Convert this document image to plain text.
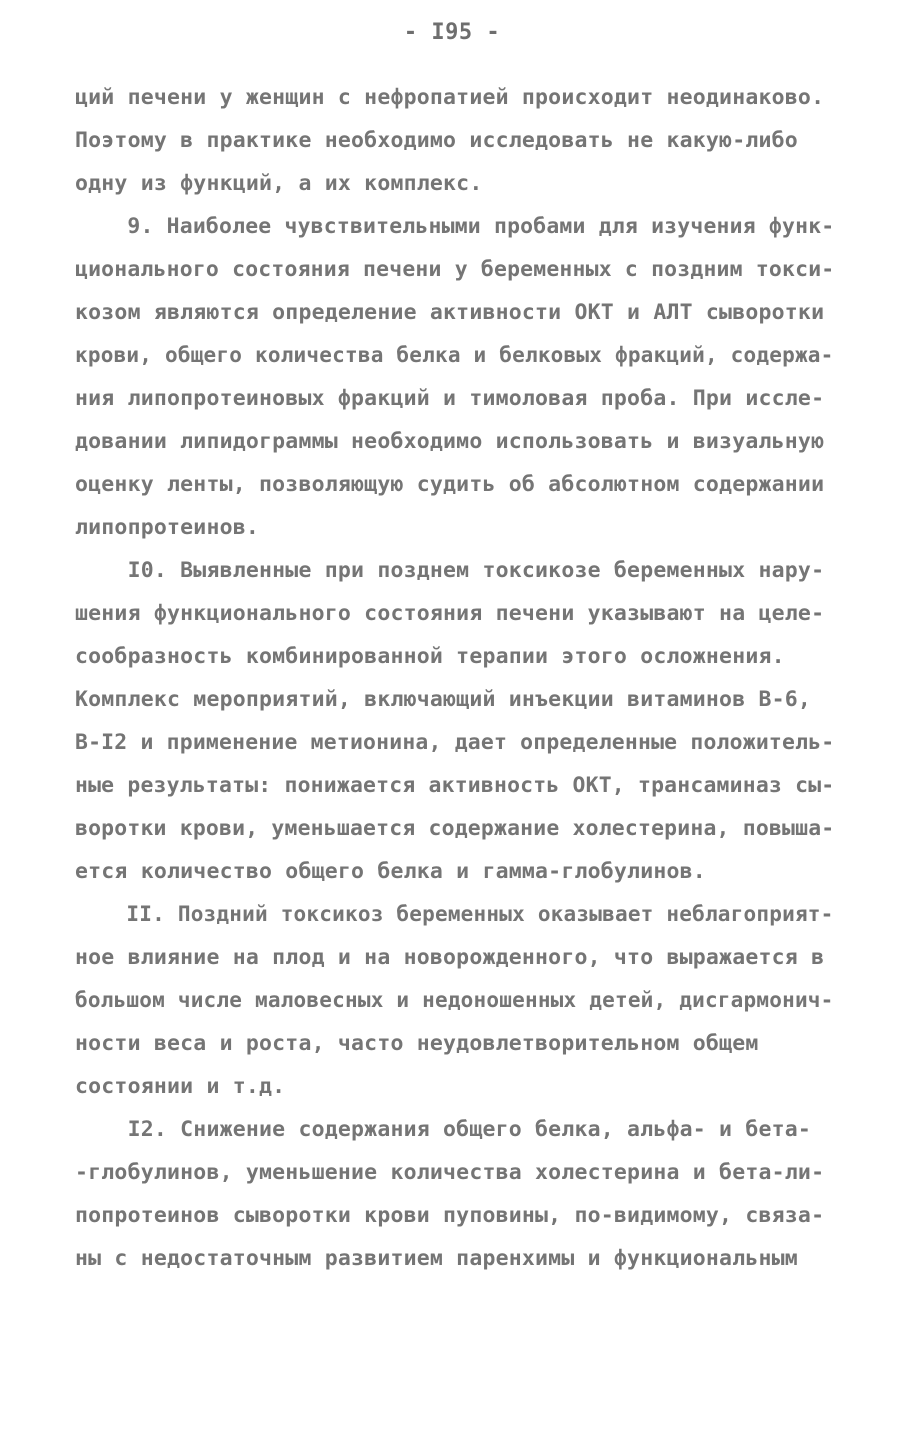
- I95 -
ций печени у женщин с нефропатией происходит неодинаково.
Поэтому в практике необходимо исследовать не какую-либо
одну из функций, а их комплекс.
9. Наиболее чувствительными пробами для изучения функ-
ционального состояния печени у беременных с поздним токси-
козом являются определение активности ОКТ и АЛТ сыворотки
крови, общего количества белка и белковых фракций, содержа-
ния липопротеиновых фракций и тимоловая проба. При иссле-
довании липидограммы необходимо использовать и визуальную
оценку ленты, позволяющую судить об абсолютном содержании
липопротеинов.
I0. Выявленные при позднем токсикозе беременных нару-
шения функционального состояния печени указывают на целе-
сообразность комбинированной терапии этого осложнения.
Комплекс мероприятий, включающий инъекции витаминов В-6,
В-I2 и применение метионина, дает определенные положитель-
ные результаты: понижается активность ОКТ, трансаминаз сы-
воротки крови, уменьшается содержание холестерина, повыша-
ется количество общего белка и гамма-глобулинов.
II. Поздний токсикоз беременных оказывает неблагоприят-
ное влияние на плод и на новорожденного, что выражается в
большом числе маловесных и недоношенных детей, дисгармонич-
ности веса и роста, часто неудовлетворительном общем
состоянии и т.д.
I2. Снижение содержания общего белка, альфа- и бета-
-глобулинов, уменьшение количества холестерина и бета-ли-
попротеинов сыворотки крови пуповины, по-видимому, связа-
ны с недостаточным развитием паренхимы и функциональным
